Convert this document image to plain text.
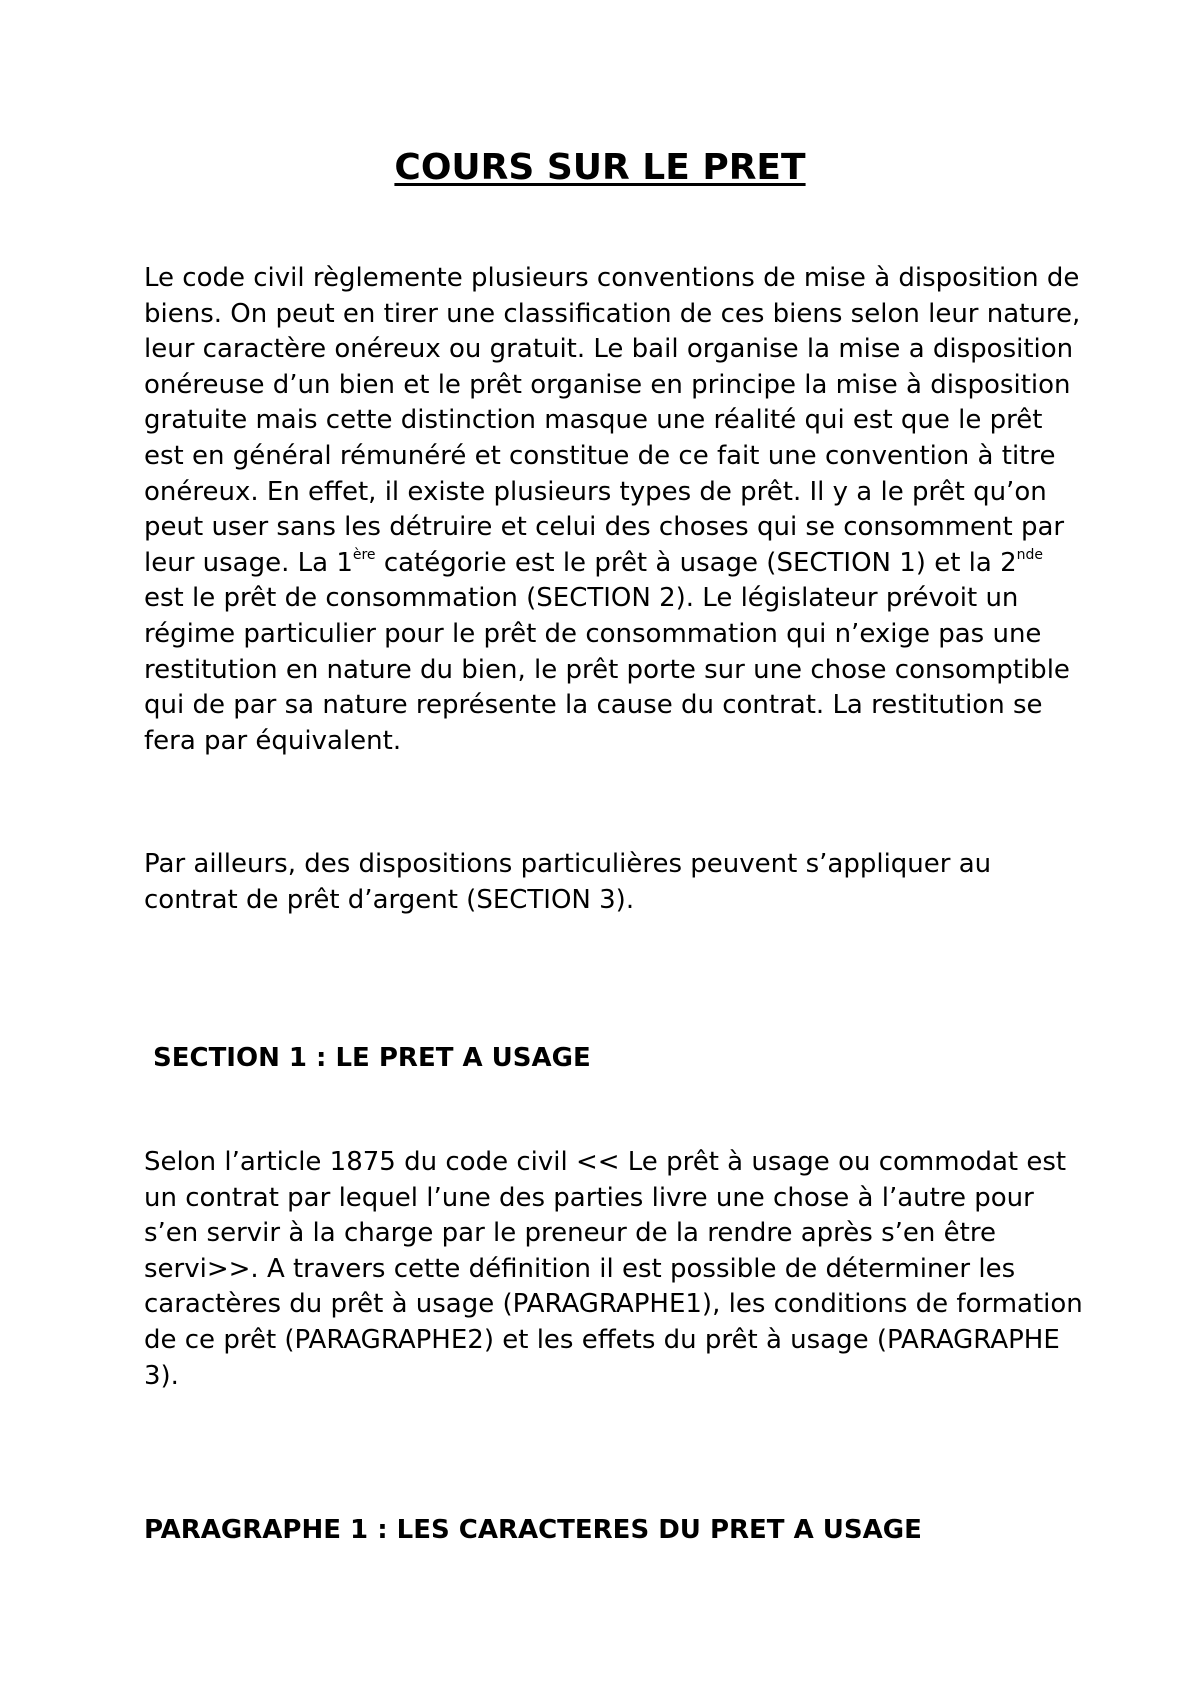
COURS SUR LE PRET

Le code civil règlemente plusieurs conventions de mise à disposition de biens. On peut en tirer une classification de ces biens selon leur nature, leur caractère onéreux ou gratuit. Le bail organise la mise a disposition onéreuse d’un bien et le prêt organise en principe la mise à disposition gratuite mais cette distinction masque une réalité qui est que le prêt est en général rémunéré et constitue de ce fait une convention à titre onéreux. En effet, il existe plusieurs types de prêt. Il y a le prêt qu’on peut user sans les détruire et celui des choses qui se consomment par leur usage. La 1ère catégorie est le prêt à usage (SECTION 1) et la 2nde est le prêt de consommation (SECTION 2). Le législateur prévoit un régime particulier pour le prêt de consommation qui n’exige pas une restitution en nature du bien, le prêt porte sur une chose consomptible qui de par sa nature représente la cause du contrat. La restitution se fera par équivalent.

Par ailleurs, des dispositions particulières peuvent s’appliquer au contrat de prêt d’argent (SECTION 3).

SECTION 1 : LE PRET A USAGE

Selon l’article 1875 du code civil << Le prêt à usage ou commodat est un contrat par lequel l’une des parties livre une chose à l’autre pour s’en servir à la charge par le preneur de la rendre après s’en être servi>>. A travers cette définition il est possible de déterminer les caractères du prêt à usage (PARAGRAPHE1), les conditions de formation de ce prêt (PARAGRAPHE2) et les effets du prêt à usage (PARAGRAPHE 3).

PARAGRAPHE 1 : LES CARACTERES DU PRET A USAGE
